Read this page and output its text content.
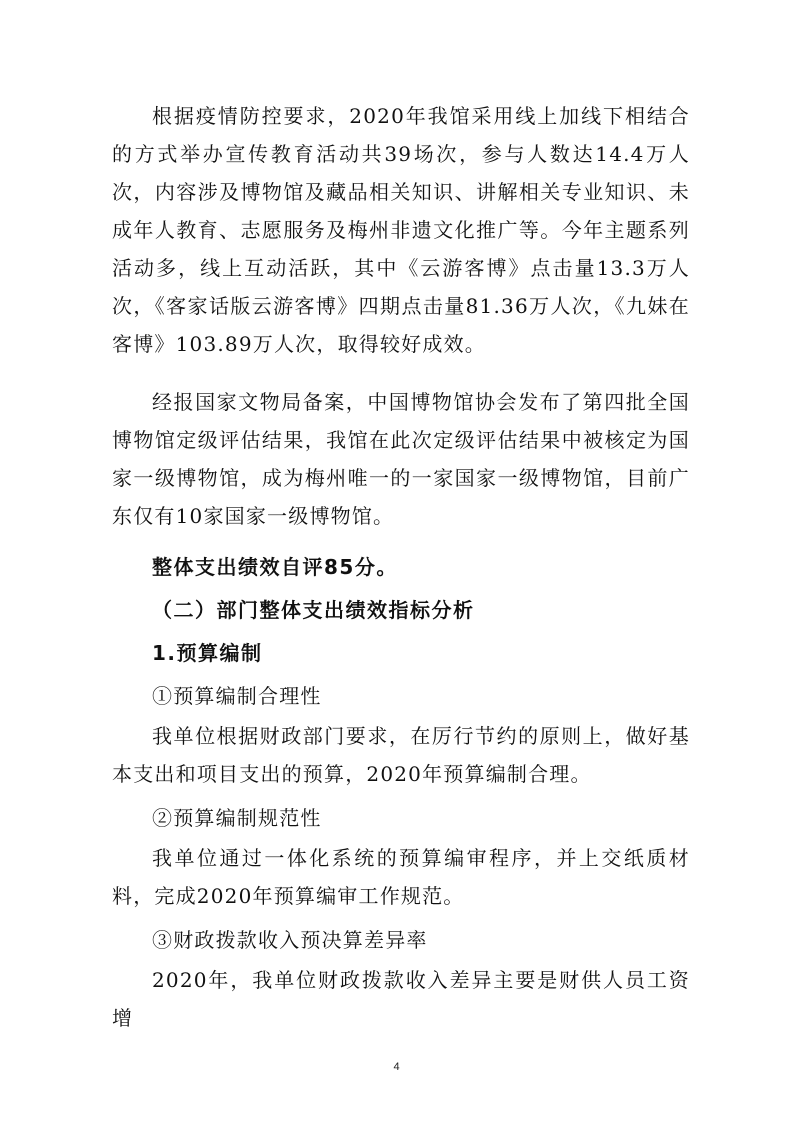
根据疫情防控要求，2020年我馆采用线上加线下相结合的方式举办宣传教育活动共39场次，参与人数达14.4万人次，内容涉及博物馆及藏品相关知识、讲解相关专业知识、未成年人教育、志愿服务及梅州非遗文化推广等。今年主题系列活动多，线上互动活跃，其中《云游客博》点击量13.3万人次，《客家话版云游客博》四期点击量81.36万人次，《九妹在客博》103.89万人次，取得较好成效。

经报国家文物局备案，中国博物馆协会发布了第四批全国博物馆定级评估结果，我馆在此次定级评估结果中被核定为国家一级博物馆，成为梅州唯一的一家国家一级博物馆，目前广东仅有10家国家一级博物馆。

整体支出绩效自评85分。

（二）部门整体支出绩效指标分析

1.预算编制

①预算编制合理性

我单位根据财政部门要求，在厉行节约的原则上，做好基本支出和项目支出的预算，2020年预算编制合理。

②预算编制规范性

我单位通过一体化系统的预算编审程序，并上交纸质材料，完成2020年预算编审工作规范。

③财政拨款收入预决算差异率

2020年，我单位财政拨款收入差异主要是财供人员工资增

4
